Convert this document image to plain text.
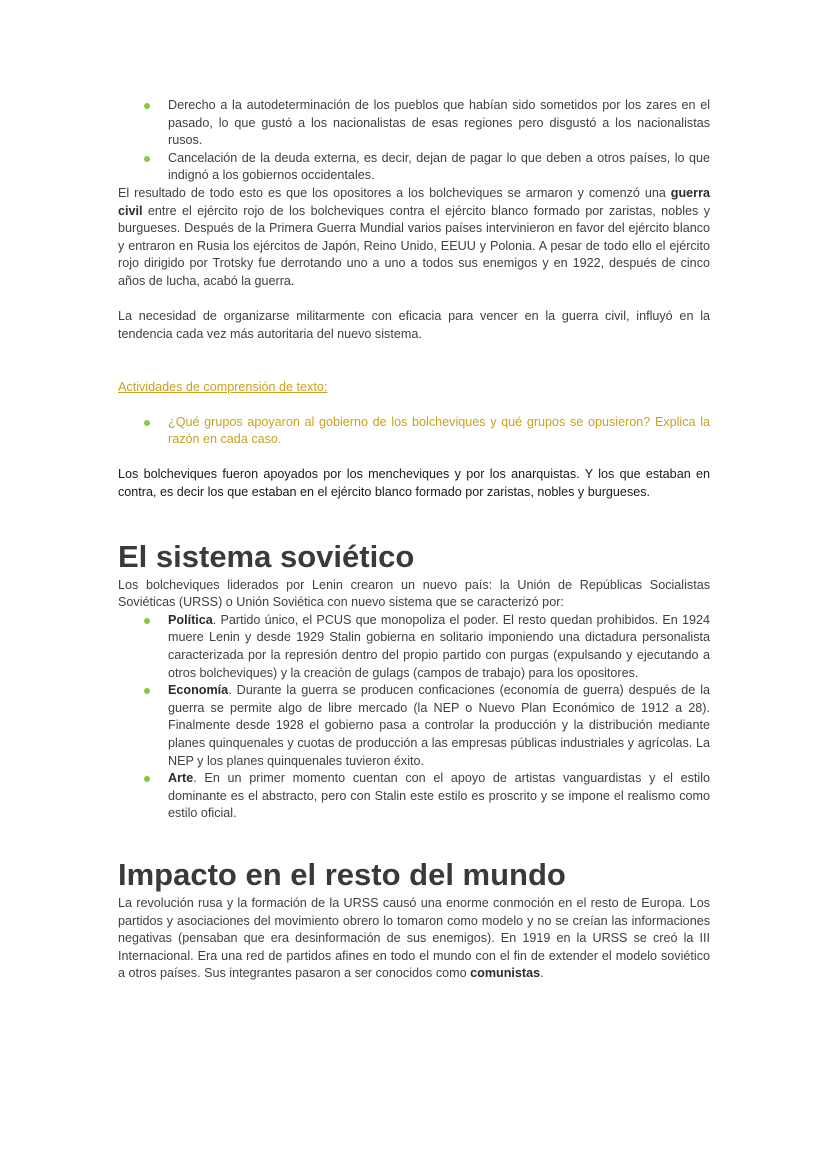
Derecho a la autodeterminación de los pueblos que habían sido sometidos por los zares en el pasado, lo que gustó a los nacionalistas de esas regiones pero disgustó a los nacionalistas rusos.
Cancelación de la deuda externa, es decir, dejan de pagar lo que deben a otros países, lo que indignó a los gobiernos occidentales.

El resultado de todo esto es que los opositores a los bolcheviques se armaron y comenzó una guerra civil entre el ejército rojo de los bolcheviques contra el ejército blanco formado por zaristas, nobles y burgueses. Después de la Primera Guerra Mundial varios países intervinieron en favor del ejército blanco y entraron en Rusia los ejércitos de Japón, Reino Unido, EEUU y Polonia. A pesar de todo ello el ejército rojo dirigido por Trotsky fue derrotando uno a uno a todos sus enemigos y en 1922, después de cinco años de lucha, acabó la guerra.

La necesidad de organizarse militarmente con eficacia para vencer en la guerra civil, influyó en la tendencia cada vez más autoritaria del nuevo sistema.

Actividades de comprensión de texto:
¿Qué grupos apoyaron al gobierno de los bolcheviques y qué grupos se opusieron? Explica la razón en cada caso.

Los bolcheviques fueron apoyados por los mencheviques y por los anarquistas. Y los que estaban en contra, es decir los que estaban en el ejército blanco formado por zaristas, nobles y burgueses.

El sistema soviético

Los bolcheviques liderados por Lenin crearon un nuevo país: la Unión de Repúblicas Socialistas Soviéticas (URSS) o Unión Soviética con nuevo sistema que se caracterizó por:

Política. Partido único, el PCUS que monopoliza el poder. El resto quedan prohibidos. En 1924 muere Lenin y desde 1929 Stalin gobierna en solitario imponiendo una dictadura personalista caracterizada por la represión dentro del propio partido con purgas (expulsando y ejecutando a otros bolcheviques) y la creación de gulags (campos de trabajo) para los opositores.
Economía. Durante la guerra se producen conficaciones (economía de guerra) después de la guerra se permite algo de libre mercado (la NEP o Nuevo Plan Económico de 1912 a 28). Finalmente desde 1928 el gobierno pasa a controlar la producción y la distribución mediante planes quinquenales y cuotas de producción a las empresas públicas industriales y agrícolas. La NEP y los planes quinquenales tuvieron éxito.
Arte. En un primer momento cuentan con el apoyo de artistas vanguardistas y el estilo dominante es el abstracto, pero con Stalin este estilo es proscrito y se impone el realismo como estilo oficial.
Impacto en el resto del mundo

La revolución rusa y la formación de la URSS causó una enorme conmoción en el resto de Europa. Los partidos y asociaciones del movimiento obrero lo tomaron como modelo y no se creían las informaciones negativas (pensaban que era desinformación de sus enemigos). En 1919 en la URSS se creó la III Internacional. Era una red de partidos afines en todo el mundo con el fin de extender el modelo soviético a otros países. Sus integrantes pasaron a ser conocidos como comunistas.
